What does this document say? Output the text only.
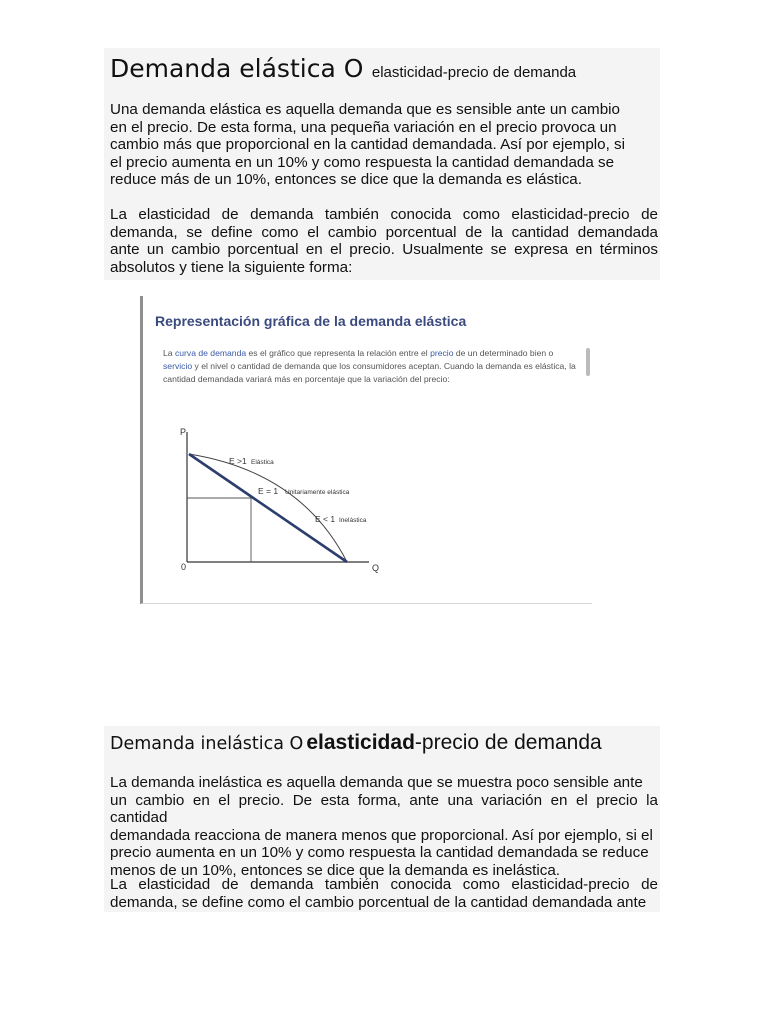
Demanda elástica O elasticidad-precio de demanda
Una demanda elástica es aquella demanda que es sensible ante un cambio
en el precio. De esta forma, una pequeña variación en el precio provoca un
cambio más que proporcional en la cantidad demandada. Así por ejemplo, si
el precio aumenta en un 10% y como respuesta la cantidad demandada se
reduce más de un 10%, entonces se dice que la demanda es elástica.
La elasticidad de demanda también conocida como elasticidad-precio de
demanda, se define como el cambio porcentual de la cantidad demandada
ante un cambio porcentual en el precio. Usualmente se expresa en términos
absolutos y tiene la siguiente forma:
Representación gráfica de la demanda elástica
La curva de demanda es el gráfico que representa la relación entre el precio de un determinado bien o servicio y el nivel o cantidad de demanda que los consumidores aceptan. Cuando la demanda es elástica, la cantidad demandada variará más en porcentaje que la variación del precio:
P
Q
0
E >1 Elástica
E = 1 Unitariamente elástica
E < 1 Inelástica
Demanda inelástica O elasticidad-precio de demanda
La demanda inelástica es aquella demanda que se muestra poco sensible ante
un cambio en el precio. De esta forma, ante una variación en el precio la cantidad
demandada reacciona de manera menos que proporcional. Así por ejemplo, si el
precio aumenta en un 10% y como respuesta la cantidad demandada se reduce
menos de un 10%, entonces se dice que la demanda es inelástica.
La elasticidad de demanda también conocida como elasticidad-precio de
demanda, se define como el cambio porcentual de la cantidad demandada ante
